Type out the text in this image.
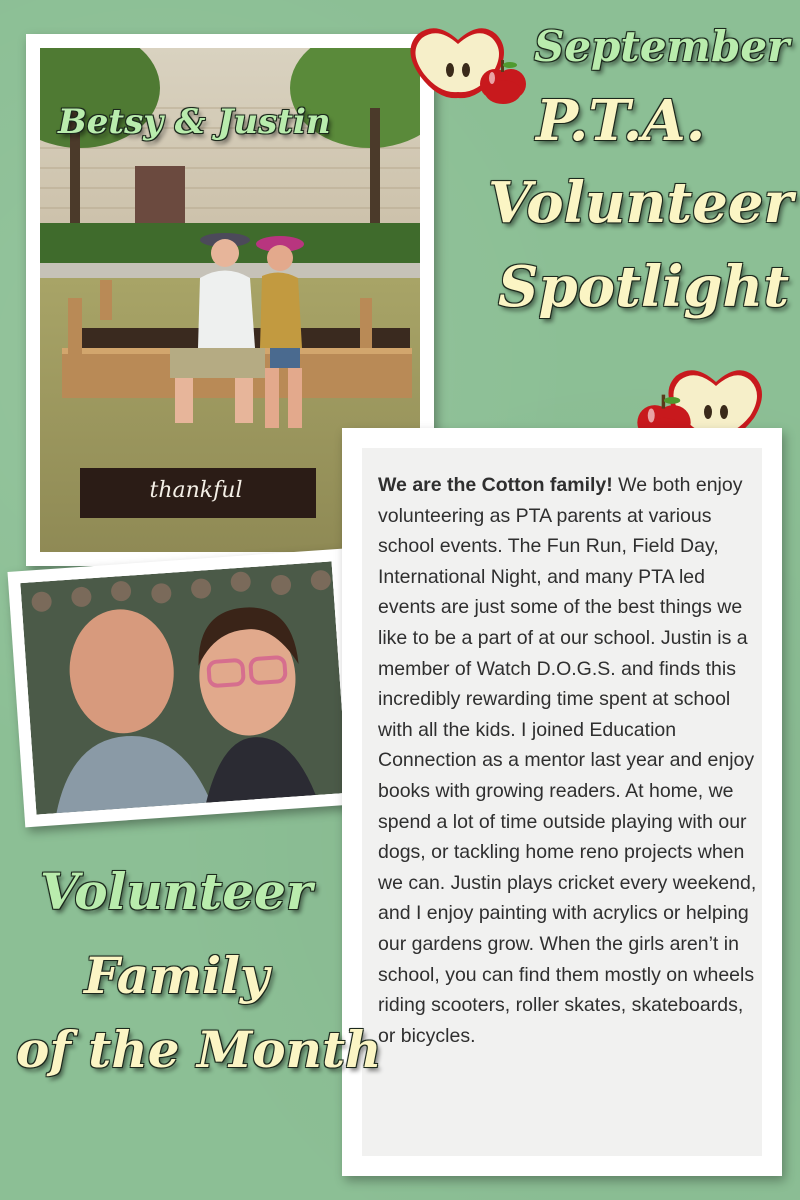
thankful
Betsy & Justin
September
P.T.A.
Volunteer
Spotlight

We are the Cotton family! We both enjoy volunteering as PTA parents at various school events. The Fun Run, Field Day, International Night, and many PTA led events are just some of the best things we like to be a part of at our school. Justin is a member of Watch D.O.G.S. and finds this incredibly rewarding time spent at school with all the kids. I joined Education Connection as a mentor last year and enjoy books with growing readers. At home, we spend a lot of time outside playing with our dogs, or tackling home reno projects when we can. Justin plays cricket every weekend, and I enjoy painting with acrylics or helping our gardens grow. When the girls aren’t in school, you can find them mostly on wheels riding scooters, roller skates, skateboards, or bicycles.

Volunteer
Family
of the Month
